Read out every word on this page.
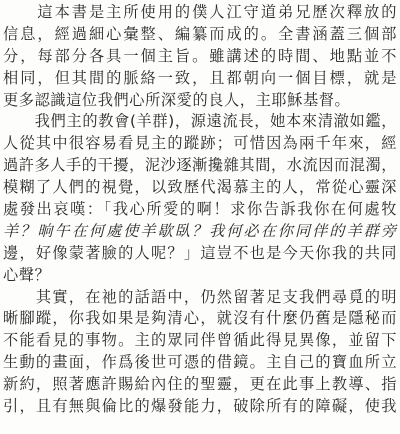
　　這本書是主所使用的僕人江守道弟兄歷次釋放的
信息，經過細心彙整、編纂而成的。全書涵蓋三個部
分，每部分各具一個主旨。雖講述的時間、地點並不
相同，但其間的脈絡一致，且都朝向一個目標，就是
更多認識這位我們心所深愛的良人，主耶穌基督。
　　我們主的教會(羊群)，源遠流長，她本來清澈如鑑，
人從其中很容易看見主的蹤跡；可惜因為兩千年來，經
過許多人手的干擾，泥沙逐漸攙雜其間，水流因而混濁，
模糊了人們的視覺，以致歷代渴慕主的人，常從心靈深
處發出哀嘆：「我心所愛的啊！求你告訴我你在何處牧
羊？晌午在何處使羊歇臥？我何必在你同伴的羊群旁
邊，好像蒙著臉的人呢？」這豈不也是今天你我的共同
心聲？
　　其實，在祂的話語中，仍然留著足支我們尋覓的明
晰腳蹤，你我如果是夠清心，就沒有什麼仍舊是隱秘而
不能看見的事物。主的眾同伴曾循此得見異像，並留下
生動的畫面，作爲後世可憑的借鏡。主自己的寶血所立
新約，照著應許賜給內住的聖靈，更在此事上教導、指
引，且有無與倫比的爆發能力，破除所有的障礙，使我
